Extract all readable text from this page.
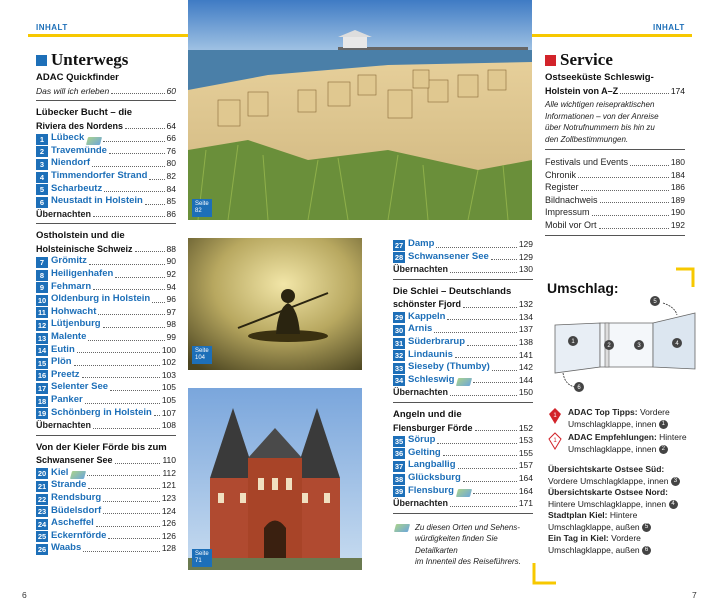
INHALT	INHALT
Unterwegs
ADAC Quickfinder
Das will ich erleben	60
Lübecker Bucht – die
Riviera des Nordens	64
1 Lübeck	66
2 Travemünde	76
3 Niendorf	80
4 Timmendorfer Strand 82
5 Scharbeutz	84
6 Neustadt in Holstein	85
Übernachten	86
Ostholstein und die
Holsteinische Schweiz	88
7 Grömitz	90
8 Heiligenhafen	92
9 Fehmarn	94
10 Oldenburg in Holstein 96
11 Hohwacht	97
12 Lütjenburg	98
13 Malente	99
14 Eutin	100
15 Plön	102
16 Preetz	103
17 Selenter See	105
18 Panker	105
19 Schönberg in Holstein 107
Übernachten	108
Von der Kieler Förde bis zum
Schwansener See	110
20 Kiel	112
21 Strande	121
22 Rendsburg	123
23 Büdelsdorf	124
24 Ascheffel	126
25 Eckernförde	126
26 Waabs	128
Seite 82
Seite 104
Seite 71
27 Damp	129
28 Schwansener See	129
Übernachten	130
Die Schlei – Deutschlands
schönster Fjord	132
29 Kappeln	134
30 Arnis	137
31 Süderbrarup	138
32 Lindaunis	141
33 Sieseby (Thumby)	142
34 Schleswig	144
Übernachten	150
Angeln und die
Flensburger Förde	152
35 Sörup	153
36 Gelting	155
37 Langballig	157
38 Glücksburg	164
39 Flensburg	164
Übernachten	171
Zu diesen Orten und Sehens-
würdigkeiten finden Sie Detailkarten
im Innenteil des Reiseführers.
Service
Ostseeküste Schleswig-
Holstein von A–Z	174
Alle wichtigen reisepraktischen
Informationen – von der Anreise
über Notrufnummern bis hin zu
den Zollbestimmungen.
Festivals und Events	180
Chronik	184
Register	186
Bildnachweis	189
Impressum	190
Mobil vor Ort	192
Umschlag:
1
2	3	4
5
6
1 ADAC Top Tipps: Vordere
Umschlagklappe, innen 1
1 ADAC Empfehlungen: Hintere
Umschlagklappe, innen 2
Übersichtskarte Ostsee Süd:
Vordere Umschlagklappe, innen 3
Übersichtskarte Ostsee Nord:
Hintere Umschlagklappe, innen 4
Stadtplan Kiel: Hintere
Umschlagklappe, außen 5
Ein Tag in Kiel: Vordere
Umschlagklappe, außen 6
6	7
